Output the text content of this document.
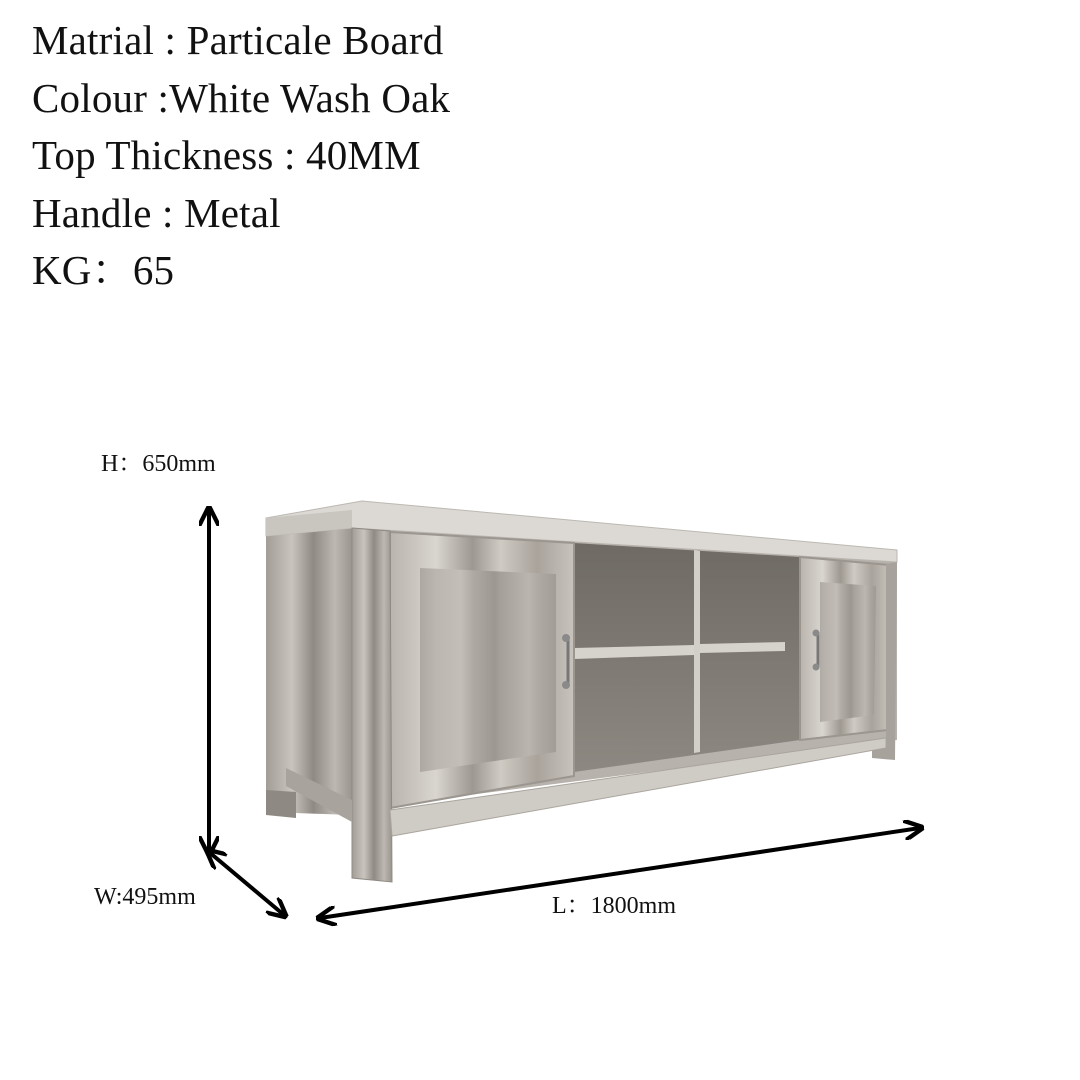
Matrial : Particale Board
Colour :White Wash Oak
Top Thickness : 40MM
Handle : Metal
KG：65
H：650mm
W:495mm	L：1800mm
